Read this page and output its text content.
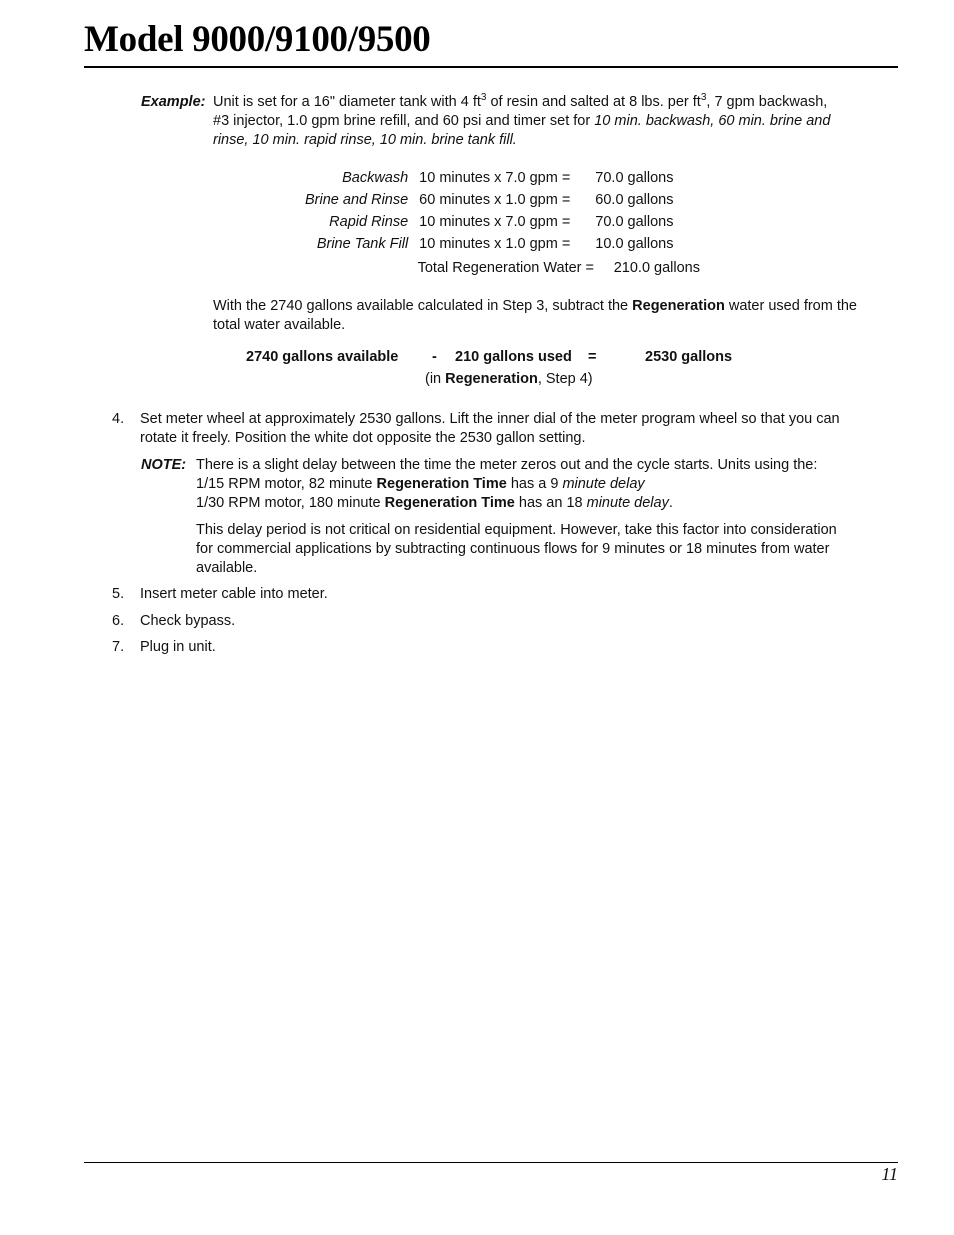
Model 9000/9100/9500
Example: Unit is set for a 16" diameter tank with 4 $ft^3$ of resin and salted at 8 lbs. per $ft^3$, 7 gpm backwash,
#3 injector, 1.0 gpm brine refill, and 60 psi and timer set for 10 min. backwash, 60 min. brine and
rinse, 10 min. rapid rinse, 10 min. brine tank fill.
Backwash	10 minutes x 7.0 gpm =	70.0 gallons
Brine and Rinse	60 minutes x 1.0 gpm =	60.0 gallons
Rapid Rinse	10 minutes x 7.0 gpm =	70.0 gallons
Brine Tank Fill	10 minutes x 1.0 gpm =	10.0 gallons
Total Regeneration Water =	210.0 gallons
With the 2740 gallons available calculated in Step 3, subtract the Regeneration water used from the
total water available.
2740 gallons available - 210 gallons used =	2530 gallons
(in Regeneration, Step 4)
4. Set meter wheel at approximately 2530 gallons. Lift the inner dial of the meter program wheel so that you can
rotate it freely. Position the white dot opposite the 2530 gallon setting.
NOTE: There is a slight delay between the time the meter zeros out and the cycle starts. Units using the:
1/15 RPM motor, 82 minute Regeneration Time has a 9 minute delay
1/30 RPM motor, 180 minute Regeneration Time has an 18 minute delay.
This delay period is not critical on residential equipment. However, take this factor into consideration
for commercial applications by subtracting continuous flows for 9 minutes or 18 minutes from water
available.
5. Insert meter cable into meter.
6. Check bypass.
7. Plug in unit.
11
